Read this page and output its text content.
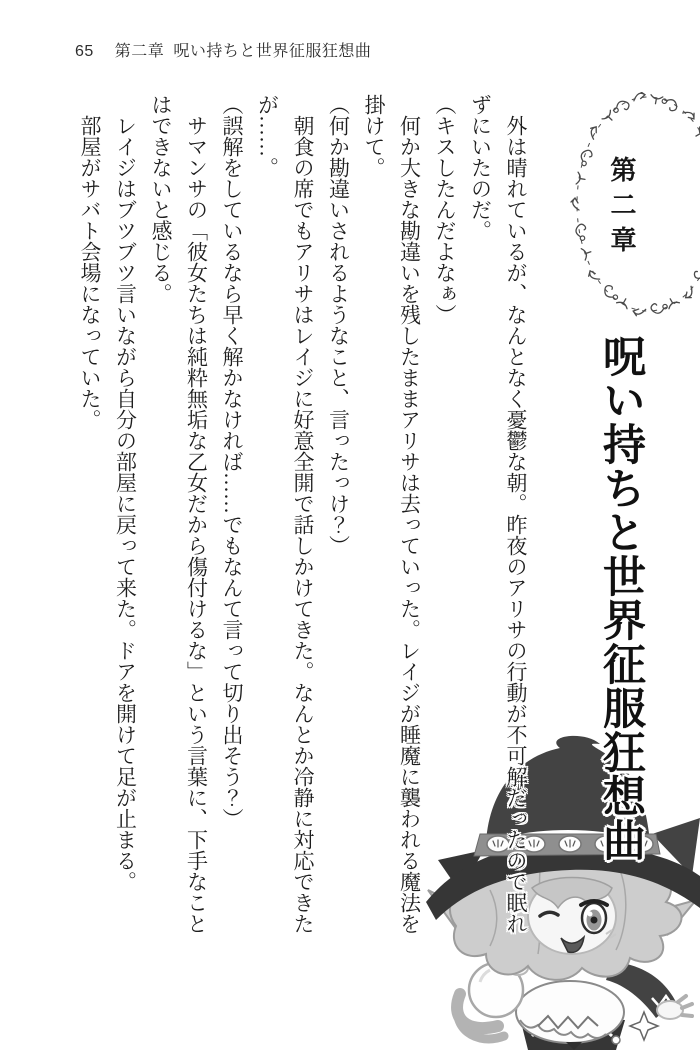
65 第二章 呪い持ちと世界征服狂想曲
第二章
呪い持ちと世界征服狂想曲

外は晴れているが、なんとなく憂鬱な朝。昨夜のアリサの行動が不可解だったので眠れずにいたのだ。

（キスしたんだよなぁ）

何か大きな勘違いを残したままアリサは去っていった。レイジが睡魔に襲われる魔法を掛けて。

（何か勘違いされるようなこと、言ったっけ？）

朝食の席でもアリサはレイジに好意全開で話しかけてきた。なんとか冷静に対応できたが……。

（誤解をしているなら早く解かなければ……でもなんて言って切り出そう？）

サマンサの「彼女たちは純粋無垢な乙女だから傷付けるな」という言葉に、下手なことはできないと感じる。

レイジはブツブツ言いながら自分の部屋に戻って来た。ドアを開けて足が止まる。

部屋がサバト会場になっていた。
